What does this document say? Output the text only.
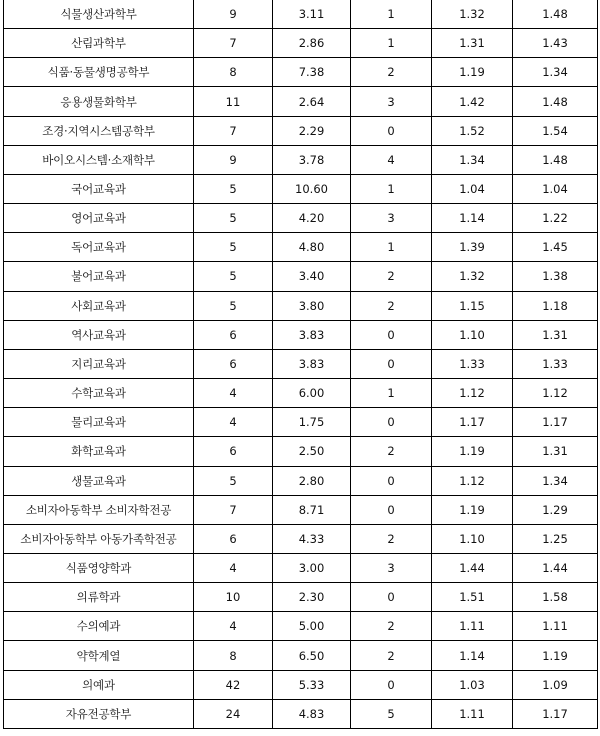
식물생산과학부	9	3.11	1	1.32	1.48
산림과학부	7	2.86	1	1.31	1.43
식품·동물생명공학부	8	7.38	2	1.19	1.34
응용생물화학부	11	2.64	3	1.42	1.48
조경·지역시스템공학부	7	2.29	0	1.52	1.54
바이오시스템·소재학부	9	3.78	4	1.34	1.48
국어교육과	5	10.60	1	1.04	1.04
영어교육과	5	4.20	3	1.14	1.22
독어교육과	5	4.80	1	1.39	1.45
불어교육과	5	3.40	2	1.32	1.38
사회교육과	5	3.80	2	1.15	1.18
역사교육과	6	3.83	0	1.10	1.31
지리교육과	6	3.83	0	1.33	1.33
수학교육과	4	6.00	1	1.12	1.12
물리교육과	4	1.75	0	1.17	1.17
화학교육과	6	2.50	2	1.19	1.31
생물교육과	5	2.80	0	1.12	1.34
소비자아동학부 소비자학전공	7	8.71	0	1.19	1.29
소비자아동학부 아동가족학전공	6	4.33	2	1.10	1.25
식품영양학과	4	3.00	3	1.44	1.44
의류학과	10	2.30	0	1.51	1.58
수의예과	4	5.00	2	1.11	1.11
약학계열	8	6.50	2	1.14	1.19
의예과	42	5.33	0	1.03	1.09
자유전공학부	24	4.83	5	1.11	1.17
